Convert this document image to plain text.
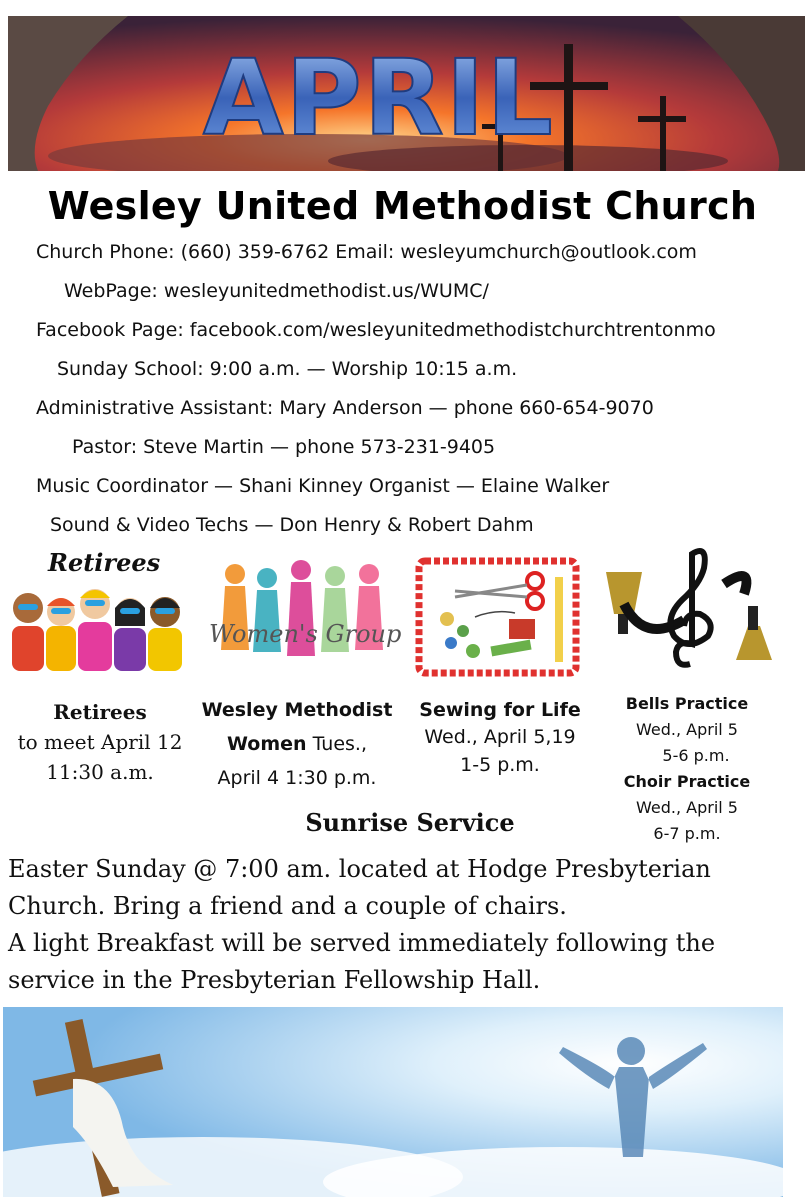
APRIL
Wesley United Methodist Church
Church Phone: (660) 359-6762 Email: wesleyumchurch@outlook.com
WebPage: wesleyunitedmethodist.us/WUMC/
Facebook Page: facebook.com/wesleyunitedmethodistchurchtrentonmo
Sunday School: 9:00 a.m. — Worship 10:15 a.m.
Administrative Assistant: Mary Anderson — phone 660-654-9070
Pastor: Steve Martin — phone 573-231-9405
Music Coordinator — Shani Kinney Organist — Elaine Walker
Sound & Video Techs — Don Henry & Robert Dahm
Retirees
Women's Group
Retirees
to meet April 12
11:30 a.m.
Wesley Methodist
Women Tues.,
April 4 1:30 p.m.
Sewing for Life
Wed., April 5,19
1-5 p.m.
Bells Practice
Wed., April 5
5-6 p.m.
Choir Practice
Wed., April 5
6-7 p.m.
Sunrise Service
Easter Sunday @ 7:00 am. located at Hodge Presbyterian
Church. Bring a friend and a couple of chairs.
A light Breakfast will be served immediately following the
service in the Presbyterian Fellowship Hall.
